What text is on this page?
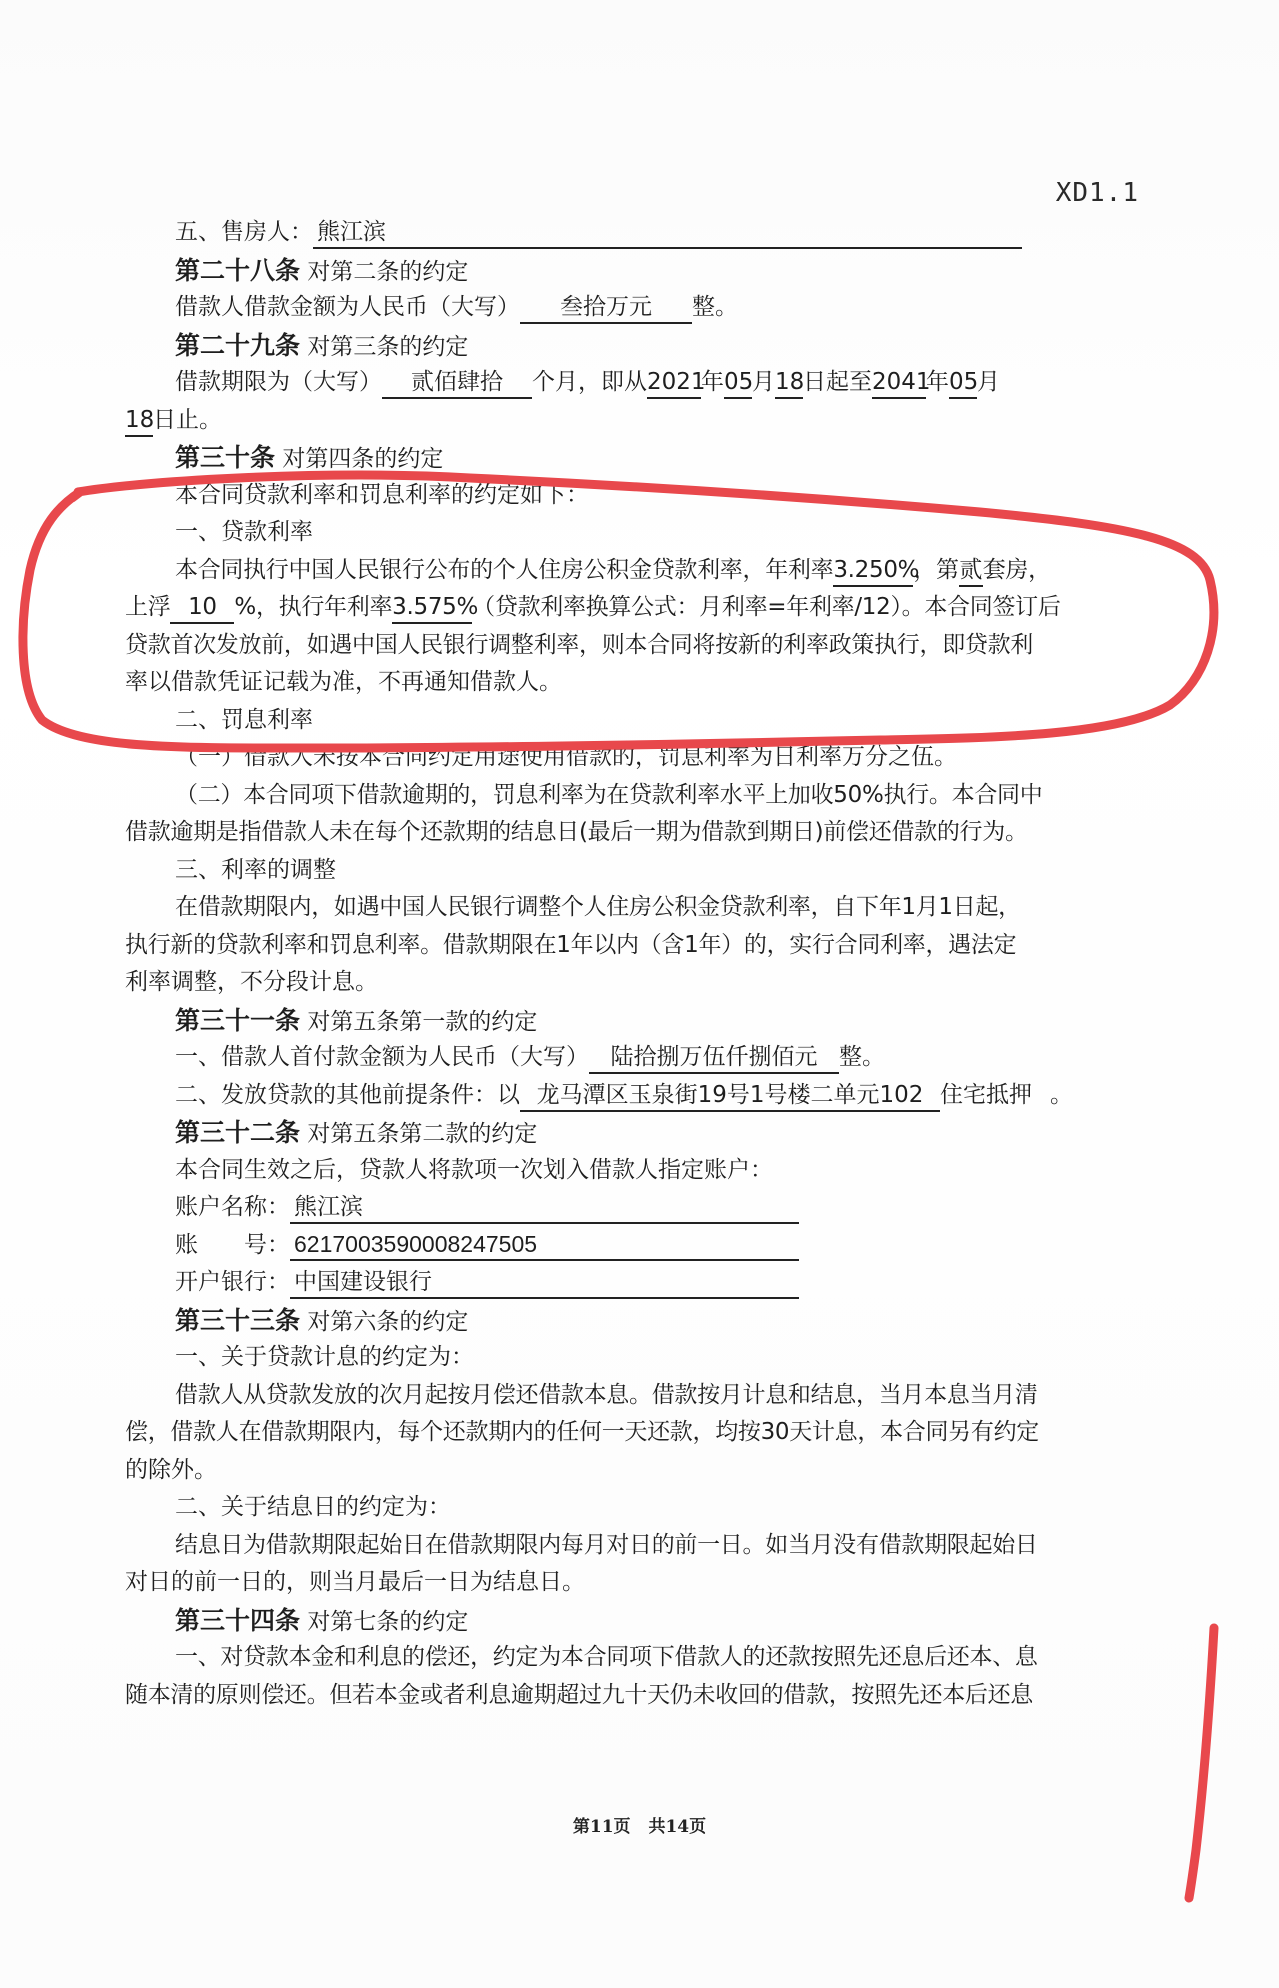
XD1.1
五、售房人： 熊江滨
第二十八条 对第二条的约定
借款人借款金额为人民币（大写） 叁拾万元 整。
第二十九条 对第三条的约定
借款期限为（大写） 贰佰肆拾 个月，即从2021年05月18日起至2041年05月
18日止。
第三十条 对第四条的约定
本合同贷款利率和罚息利率的约定如下：
一、贷款利率
本合同执行中国人民银行公布的个人住房公积金贷款利率，年利率3.250%，第贰套房，
上浮 10 %，执行年利率3.575%（贷款利率换算公式：月利率=年利率/12）。本合同签订后
贷款首次发放前，如遇中国人民银行调整利率，则本合同将按新的利率政策执行，即贷款利
率以借款凭证记载为准，不再通知借款人。
二、罚息利率
（一）借款人未按本合同约定用途使用借款的，罚息利率为日利率万分之伍。
（二）本合同项下借款逾期的，罚息利率为在贷款利率水平上加收50%执行。本合同中
借款逾期是指借款人未在每个还款期的结息日(最后一期为借款到期日)前偿还借款的行为。
三、利率的调整
在借款期限内，如遇中国人民银行调整个人住房公积金贷款利率，自下年1月1日起，
执行新的贷款利率和罚息利率。借款期限在1年以内（含1年）的，实行合同利率，遇法定
利率调整，不分段计息。
第三十一条 对第五条第一款的约定
一、借款人首付款金额为人民币（大写） 陆拾捌万伍仟捌佰元 整。
二、发放贷款的其他前提条件：以 龙马潭区玉泉街19号1号楼二单元102 住宅抵押 。
第三十二条 对第五条第二款的约定
本合同生效之后，贷款人将款项一次划入借款人指定账户：
账户名称： 熊江滨
账　　号： 6217003590008247505
开户银行： 中国建设银行
第三十三条 对第六条的约定
一、关于贷款计息的约定为：
借款人从贷款发放的次月起按月偿还借款本息。借款按月计息和结息，当月本息当月清
偿，借款人在借款期限内，每个还款期内的任何一天还款，均按30天计息，本合同另有约定
的除外。
二、关于结息日的约定为：
结息日为借款期限起始日在借款期限内每月对日的前一日。如当月没有借款期限起始日
对日的前一日的，则当月最后一日为结息日。
第三十四条 对第七条的约定
一、对贷款本金和利息的偿还，约定为本合同项下借款人的还款按照先还息后还本、息
随本清的原则偿还。但若本金或者利息逾期超过九十天仍未收回的借款，按照先还本后还息
第11页 共14页
